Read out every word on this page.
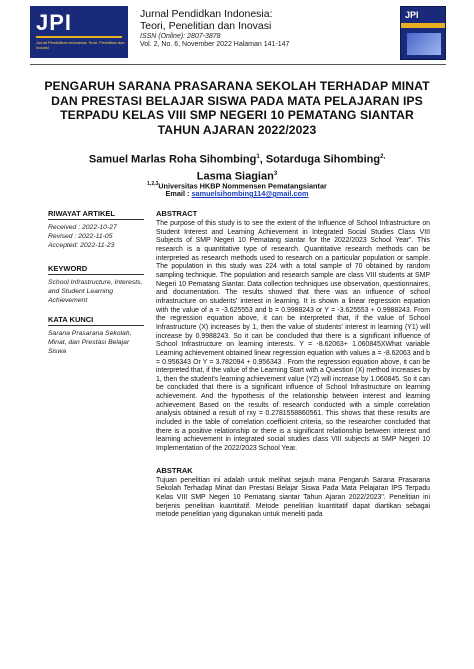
JPI
Jurnal Pendidikan Indonesia: Teori, Penelitian dan Inovasi
Jurnal Pendidkan Indonesia:
Teori, Penelitian dan Inovasi
ISSN (Online): 2807-3878
Vol. 2, No. 6, November 2022 Halaman 141-147
JPI
PENGARUH SARANA PRASARANA SEKOLAH TERHADAP MINAT DAN PRESTASI BELAJAR SISWA PADA MATA PELAJARAN IPS TERPADU KELAS VIII SMP NEGERI 10 PEMATANG SIANTAR TAHUN AJARAN 2022/2023
Samuel Marlas Roha Sihombing$^1$, Sotarduga Sihombing$^{2,}$
Lasma Siagian$^3$
$^{1,2,3}$Universitas HKBP Nommensen Pematangsiantar
Email : samuelsihombing114@gmail.com
RIWAYAT ARTIKEL
Received : 2022-10-27
Revised : 2022-11-05
Accepted: 2022-11-23
KEYWORD
School Infrastructure, Interests, and Student Learning Achievement
KATA KUNCI
Sarana Prasarana Sekolah, Minat, dan Prestasi Belajar Siswa
ABSTRACT
The purpose of this study is to see the extent of the Influence of School Infrastructure on Student Interest and Learning Achievement in Integrated Social Studies Class VIII Subjects of SMP Negeri 10 Pematang siantar for the 2022/2023 School Year". This research is a quantitative type of research. Quantitative research methods can be interpreted as research methods used to research on a particular population or sample. The population in this study was 224 with a total sample of 70 obtained by random sampling technique. The population and research sample are class VIII students at SMP Negeri 10 Pematang Siantar. Data collection techniques use observation, questionnaires, and documentation. The results showed that there was an influence of school infrastructure on students' interest in learning. It is shown a linear regression equation with the value of a = -3.625553 and b = 0.9988243 or Y = -3.625553 + 0.9988243. From the regression equation above, it can be interpreted that, if the value of School Infrastructure (X) increases by 1, then the value of students' interest in learning (Y1) will increase by 0.9988243. So it can be concluded that there is a significant influence of School Infrastructure on learning interests. Y = -8.62063+ 1.060845XWhat variable Learning achievement obtained linear regression equation with values a = -8.62063 and b = 0.956343 Or Y = 3.782094 + 0.956343 . From the regression equation above, it can be interpreted that, if the value of the Learning Start with a Question (X) method increases by 1, then the student's learning achievement value (Y2) will increase by 1.060845. So it can be concluded that there is a significant influence of School Infrastructure on learning achievement. And the hypothesis of the relationship between interest and learning achievement Based on the results of research conducted with a simple correlation analysis obtained a result of rxy = 0.2781558860561. This shows that these results are included in the table of correlation coefficient criteria, so the researcher concluded that there is a positive relationship or there is a significant relationship between interest and learning achievement in integrated social studies class VIII subjects at SMP Negeri 10 Implementation of the 2022/2023 School Year.
ABSTRAK
Tujuan penelitian ini adalah untuk melihat sejauh mana Pengaruh Sarana Prasarana Sekolah Terhadap Minat dan Prestasi Belajar Siswa Pada Mata Pelajaran IPS Terpadu Kelas VIII SMP Negeri 10 Pematang siantar Tahun Ajaran 2022/2023". Penelitian ini berjenis penelitian kuantitatif. Metode penelitian kuantitatif dapat diartikan sebagai metode penelitian yang digunakan untuk meneliti pada
